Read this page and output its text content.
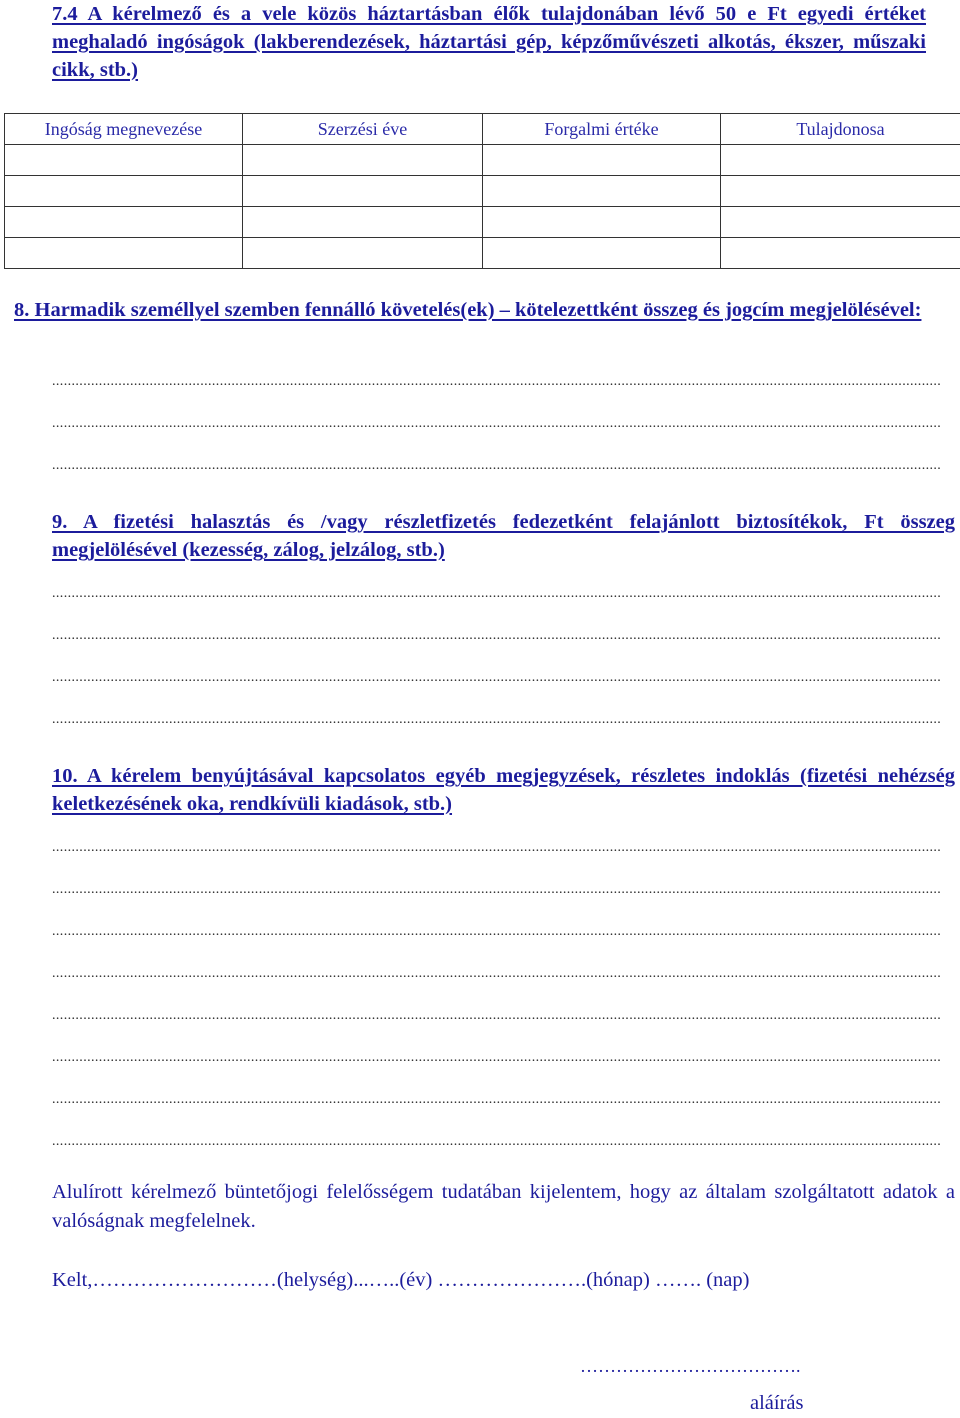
7.4 A kérelmező és a vele közös háztartásban élők tulajdonában lévő 50 e Ft egyedi értéket meghaladó ingóságok (lakberendezések, háztartási gép, képzőművészeti alkotás, ékszer, műszaki cikk, stb.)
Ingóság megnevezése	Szerzési éve	Forgalmi értéke	Tulajdonosa

8. Harmadik személlyel szemben fennálló követelés(ek) – kötelezettként összeg és jogcím megjelölésével:
....................................................................................................................................................................................................................................
....................................................................................................................................................................................................................................
....................................................................................................................................................................................................................................
9. A fizetési halasztás és /vagy részletfizetés fedezetként felajánlott biztosítékok, Ft összeg megjelölésével (kezesség, zálog, jelzálog, stb.)
....................................................................................................................................................................................................................................
....................................................................................................................................................................................................................................
....................................................................................................................................................................................................................................
....................................................................................................................................................................................................................................
10. A kérelem benyújtásával kapcsolatos egyéb megjegyzések, részletes indoklás (fizetési nehézség keletkezésének oka, rendkívüli kiadások, stb.)
....................................................................................................................................................................................................................................
....................................................................................................................................................................................................................................
....................................................................................................................................................................................................................................
....................................................................................................................................................................................................................................
....................................................................................................................................................................................................................................
....................................................................................................................................................................................................................................
....................................................................................................................................................................................................................................
....................................................................................................................................................................................................................................
Alulírott kérelmező büntetőjogi felelősségem tudatában kijelentem, hogy az általam szolgáltatott adatok a valóságnak megfelelnek.
Kelt,………………………(helység)...…..(év) ………………….(hónap) ……. (nap)
……………………………….
aláírás
